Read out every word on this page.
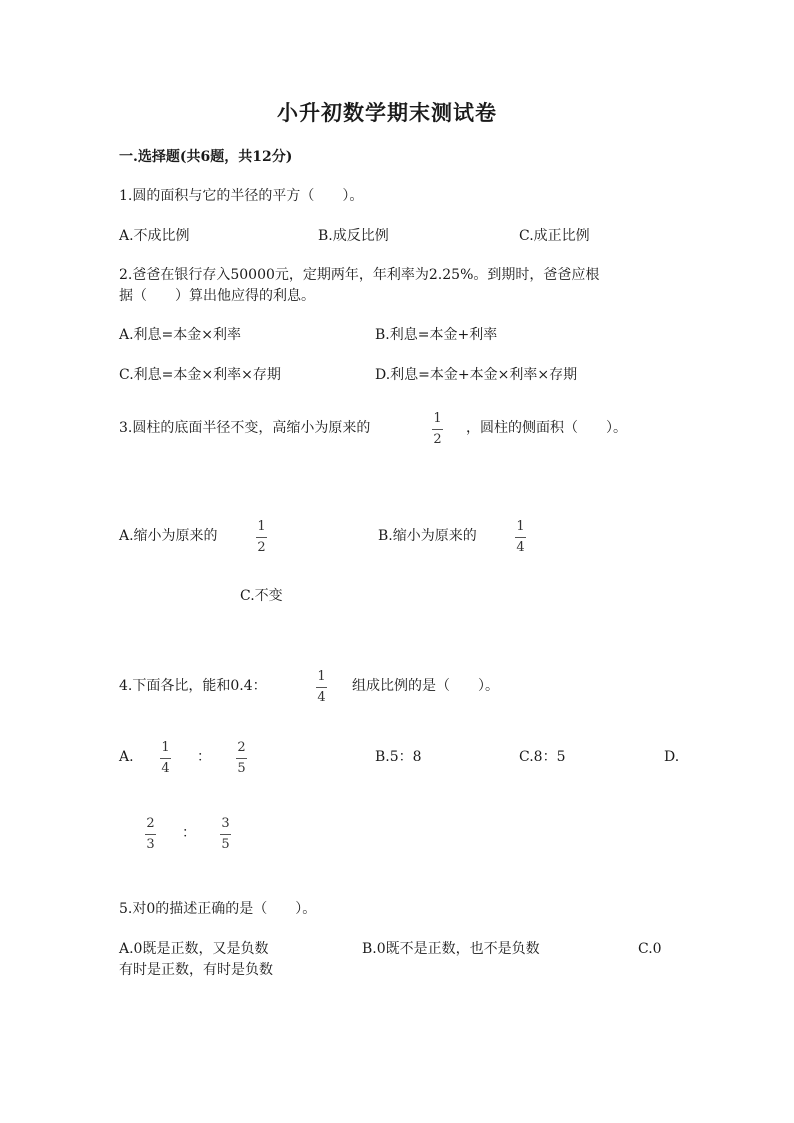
小升初数学期末测试卷
一.选择题(共6题，共12分)
1.圆的面积与它的半径的平方（　　）。
A.不成比例	B.成反比例	C.成正比例
2.爸爸在银行存入50000元，定期两年，年利率为2.25%。到期时，爸爸应根
据（　　）算出他应得的利息。
A.利息=本金×利率	B.利息=本金+利率
C.利息=本金×利率×存期	D.利息=本金+本金×利率×存期
3.圆柱的底面半径不变，高缩小为原来的
1
2
，圆柱的侧面积（　　）。
A.缩小为原来的
1
2
B.缩小为原来的
1
4
C.不变
4.下面各比，能和0.4：
1
4
组成比例的是（　　）。
A.
1
4
：
2
5
B.5：8	C.8：5	D.
2
3
：
3
5
5.对0的描述正确的是（　　）。
A.0既是正数，又是负数	B.0既不是正数，也不是负数	C.0
有时是正数，有时是负数
